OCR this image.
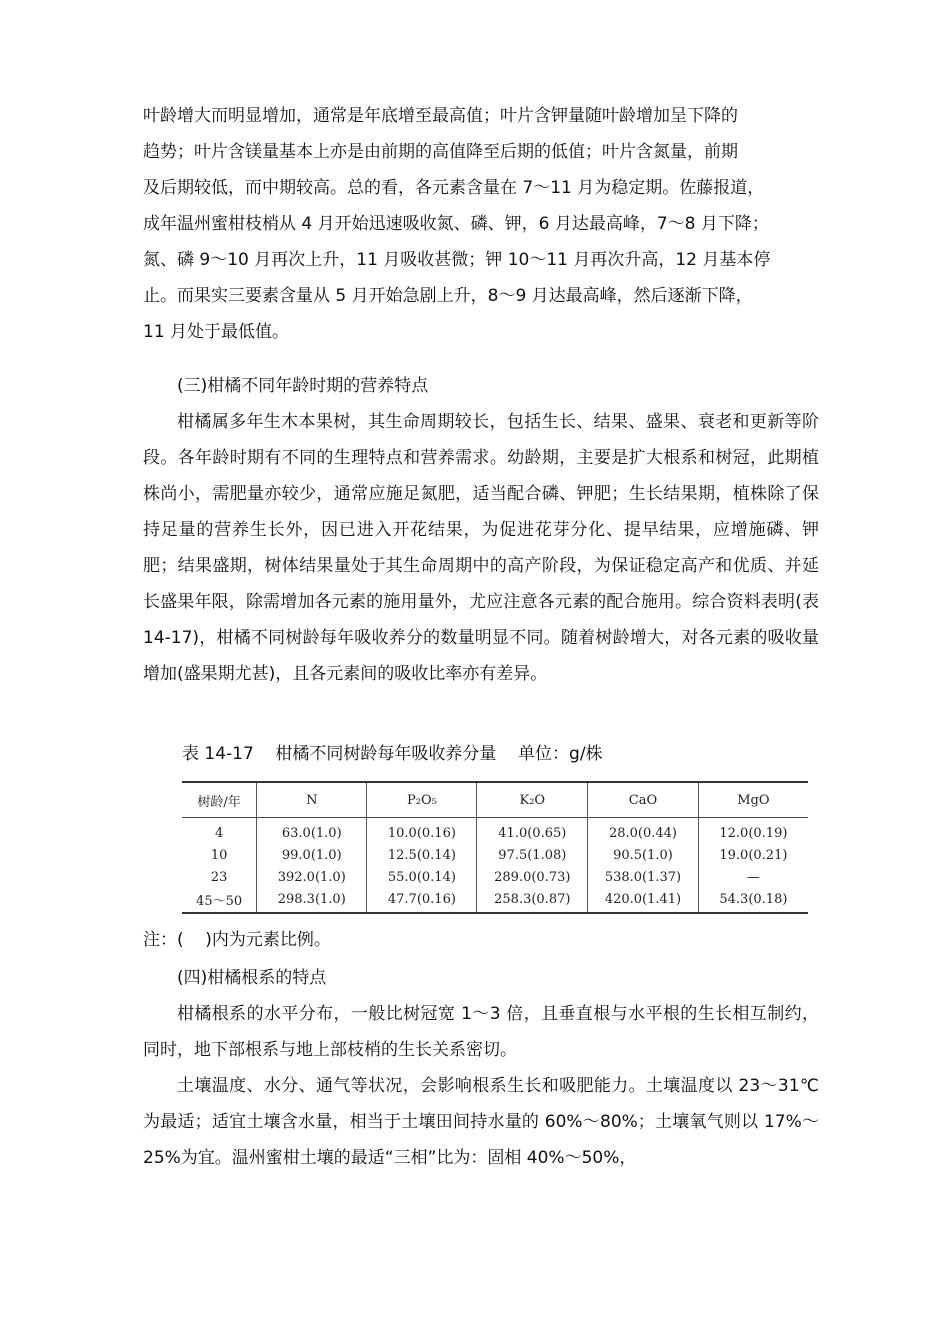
叶龄增大而明显增加，通常是年底增至最高值；叶片含钾量随叶龄增加呈下降的
趋势；叶片含镁量基本上亦是由前期的高值降至后期的低值；叶片含氮量，前期
及后期较低，而中期较高。总的看，各元素含量在 7～11 月为稳定期。佐藤报道，
成年温州蜜柑枝梢从 4 月开始迅速吸收氮、磷、钾，6 月达最高峰，7～8 月下降；
氮、磷 9～10 月再次上升，11 月吸收甚微；钾 10～11 月再次升高，12 月基本停
止。而果实三要素含量从 5 月开始急剧上升，8～9 月达最高峰，然后逐渐下降，
11 月处于最低值。

(三)柑橘不同年龄时期的营养特点

柑橘属多年生木本果树，其生命周期较长，包括生长、结果、盛果、衰老和更新等阶段。各年龄时期有不同的生理特点和营养需求。幼龄期，主要是扩大根系和树冠，此期植株尚小，需肥量亦较少，通常应施足氮肥，适当配合磷、钾肥；生长结果期，植株除了保持足量的营养生长外，因已进入开花结果，为促进花芽分化、提早结果，应增施磷、钾肥；结果盛期，树体结果量处于其生命周期中的高产阶段，为保证稳定高产和优质、并延长盛果年限，除需增加各元素的施用量外，尤应注意各元素的配合施用。综合资料表明(表 14-17)，柑橘不同树龄每年吸收养分的数量明显不同。随着树龄增大，对各元素的吸收量增加(盛果期尤甚)，且各元素间的吸收比率亦有差异。

表 14-17    柑橘不同树龄每年吸收养分量    单位：g/株
树龄/年	N	P₂O₅	K₂O	CaO	MgO
4	63.0(1.0)	10.0(0.16)	41.0(0.65)	28.0(0.44)	12.0(0.19)
10	99.0(1.0)	12.5(0.14)	97.5(1.08)	90.5(1.0)	19.0(0.21)
23	392.0(1.0)	55.0(0.14)	289.0(0.73)	538.0(1.37)	—
45～50	298.3(1.0)	47.7(0.16)	258.3(0.87)	420.0(1.41)	54.3(0.18)
注：(    )内为元素比例。

(四)柑橘根系的特点

柑橘根系的水平分布，一般比树冠宽 1～3 倍，且垂直根与水平根的生长相互制约，同时，地下部根系与地上部枝梢的生长关系密切。

土壤温度、水分、通气等状况，会影响根系生长和吸肥能力。土壤温度以 23～31℃为最适；适宜土壤含水量，相当于土壤田间持水量的 60%～80%；土壤氧气则以 17%～25%为宜。温州蜜柑土壤的最适“三相”比为：固相 40%～50%，
